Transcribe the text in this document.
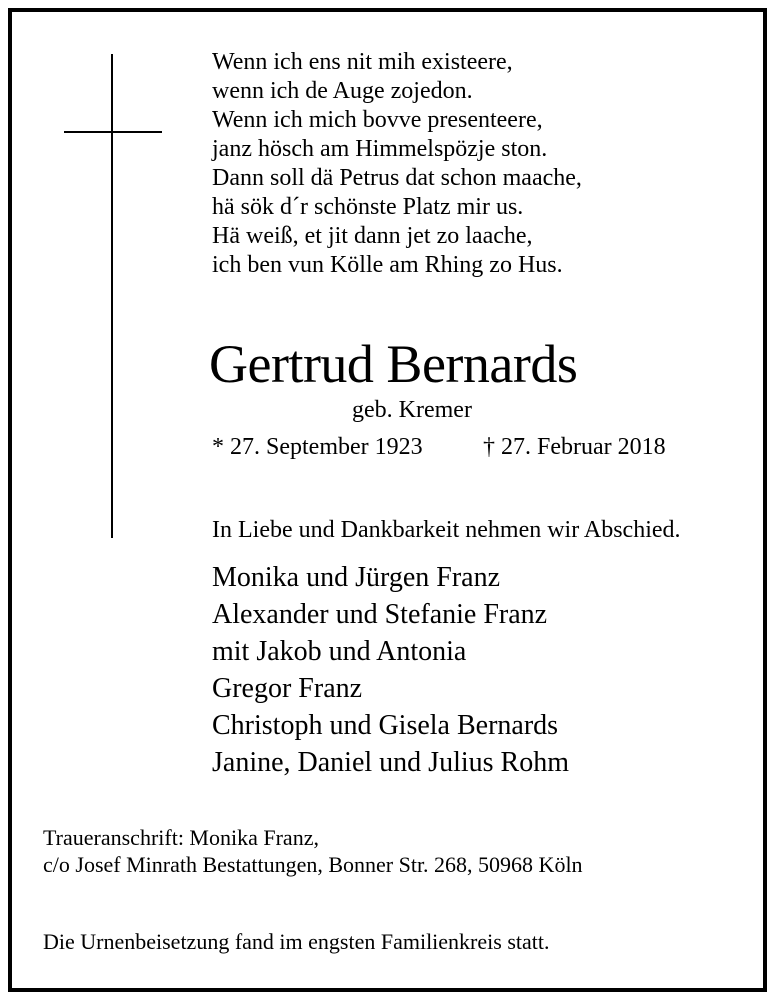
Wenn ich ens nit mih existeere,
wenn ich de Auge zojedon.
Wenn ich mich bovve presenteere,
janz hösch am Himmelspözje ston.
Dann soll dä Petrus dat schon maache,
hä sök d´r schönste Platz mir us.
Hä weiß, et jit dann jet zo laache,
ich ben vun Kölle am Rhing zo Hus.
Gertrud Bernards
geb. Kremer
* 27. September 1923	† 27. Februar 2018
In Liebe und Dankbarkeit nehmen wir Abschied.
Monika und Jürgen Franz
Alexander und Stefanie Franz
mit Jakob und Antonia
Gregor Franz
Christoph und Gisela Bernards
Janine, Daniel und Julius Rohm
Traueranschrift: Monika Franz,
c/o Josef Minrath Bestattungen, Bonner Str. 268, 50968 Köln
Die Urnenbeisetzung fand im engsten Familienkreis statt.
